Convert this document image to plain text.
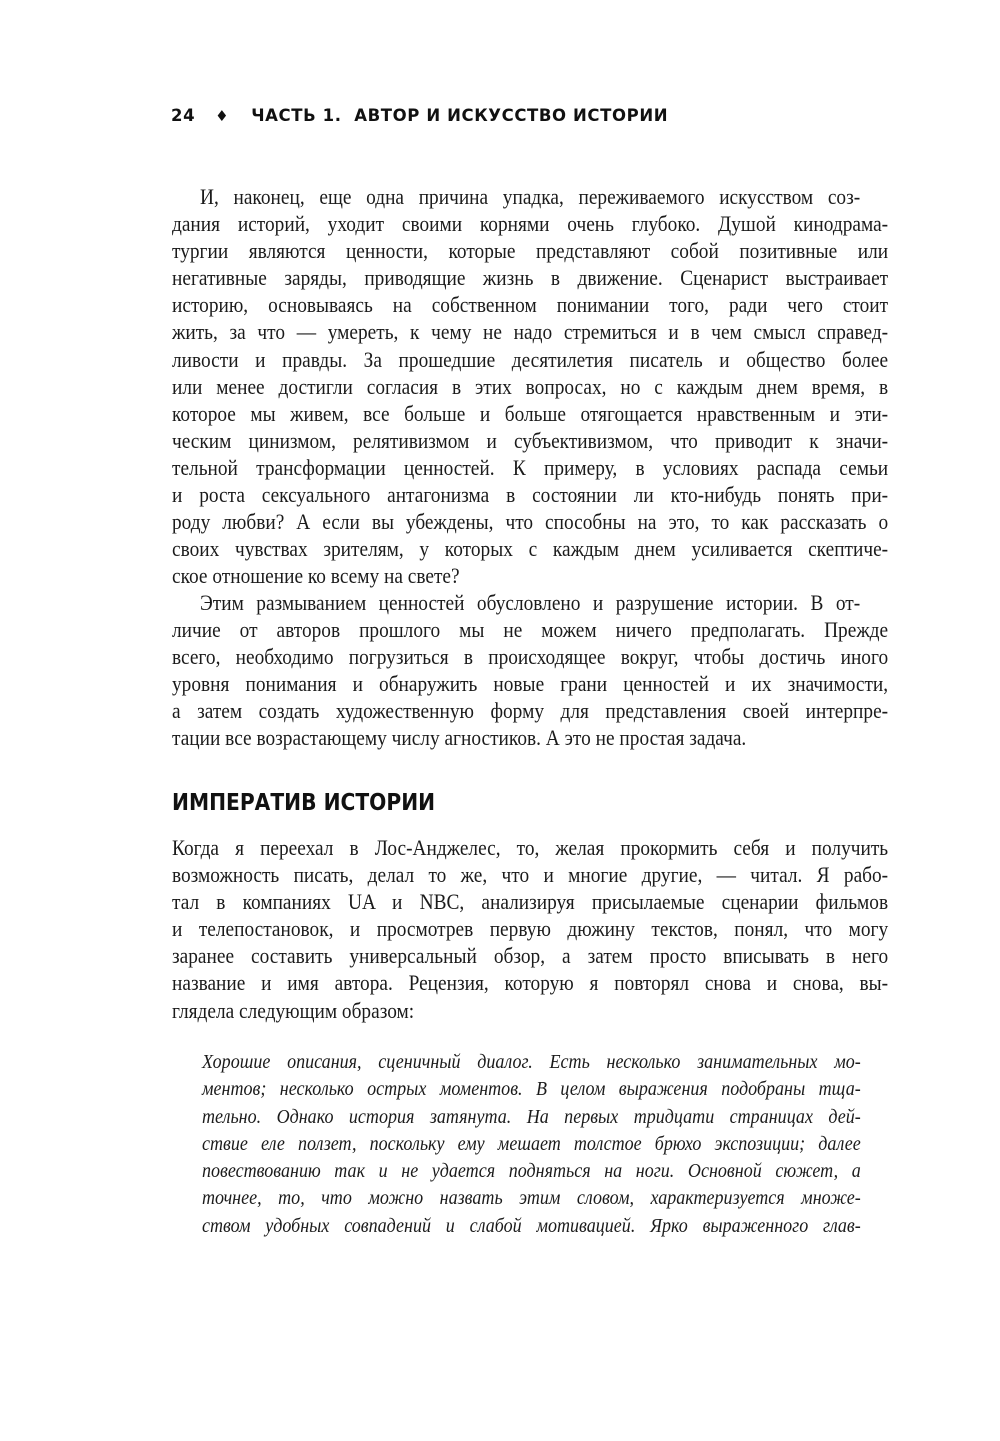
24 ♦ ЧАСТЬ 1.  АВТОР И ИСКУССТВО ИСТОРИИ
И, наконец, еще одна причина упадка, переживаемого искусством соз-
дания историй, уходит своими корнями очень глубоко. Душой кинодрама-
тургии являются ценности, которые представляют собой позитивные или
негативные заряды, приводящие жизнь в движение. Сценарист выстраивает
историю, основываясь на собственном понимании того, ради чего стоит
жить, за что — умереть, к чему не надо стремиться и в чем смысл справед-
ливости и правды. За прошедшие десятилетия писатель и общество более
или менее достигли согласия в этих вопросах, но с каждым днем время, в
которое мы живем, все больше и больше отягощается нравственным и эти-
ческим цинизмом, релятивизмом и субъективизмом, что приводит к значи-
тельной трансформации ценностей. К примеру, в условиях распада семьи
и роста сексуального антагонизма в состоянии ли кто-нибудь понять при-
роду любви? А если вы убеждены, что способны на это, то как рассказать о
своих чувствах зрителям, у которых с каждым днем усиливается скептиче-
ское отношение ко всему на свете?
Этим размыванием ценностей обусловлено и разрушение истории. В от-
личие от авторов прошлого мы не можем ничего предполагать. Прежде
всего, необходимо погрузиться в происходящее вокруг, чтобы достичь иного
уровня понимания и обнаружить новые грани ценностей и их значимости,
а затем создать художественную форму для представления своей интерпре-
тации все возрастающему числу агностиков. А это не простая задача.
ИМПЕРАТИВ ИСТОРИИ
Когда я переехал в Лос-Анджелес, то, желая прокормить себя и получить
возможность писать, делал то же, что и многие другие, — читал. Я рабо-
тал в компаниях UA и NBC, анализируя присылаемые сценарии фильмов
и телепостановок, и просмотрев первую дюжину текстов, понял, что могу
заранее составить универсальный обзор, а затем просто вписывать в него
название и имя автора. Рецензия, которую я повторял снова и снова, вы-
глядела следующим образом:
Хорошие описания, сценичный диалог. Есть несколько занимательных мо-
ментов; несколько острых моментов. В целом выражения подобраны тща-
тельно. Однако история затянута. На первых тридцати страницах дей-
ствие еле ползет, поскольку ему мешает толстое брюхо экспозиции; далее
повествованию так и не удается подняться на ноги. Основной сюжет, а
точнее, то, что можно назвать этим словом, характеризуется множе-
ством удобных совпадений и слабой мотивацией. Ярко выраженного глав-
